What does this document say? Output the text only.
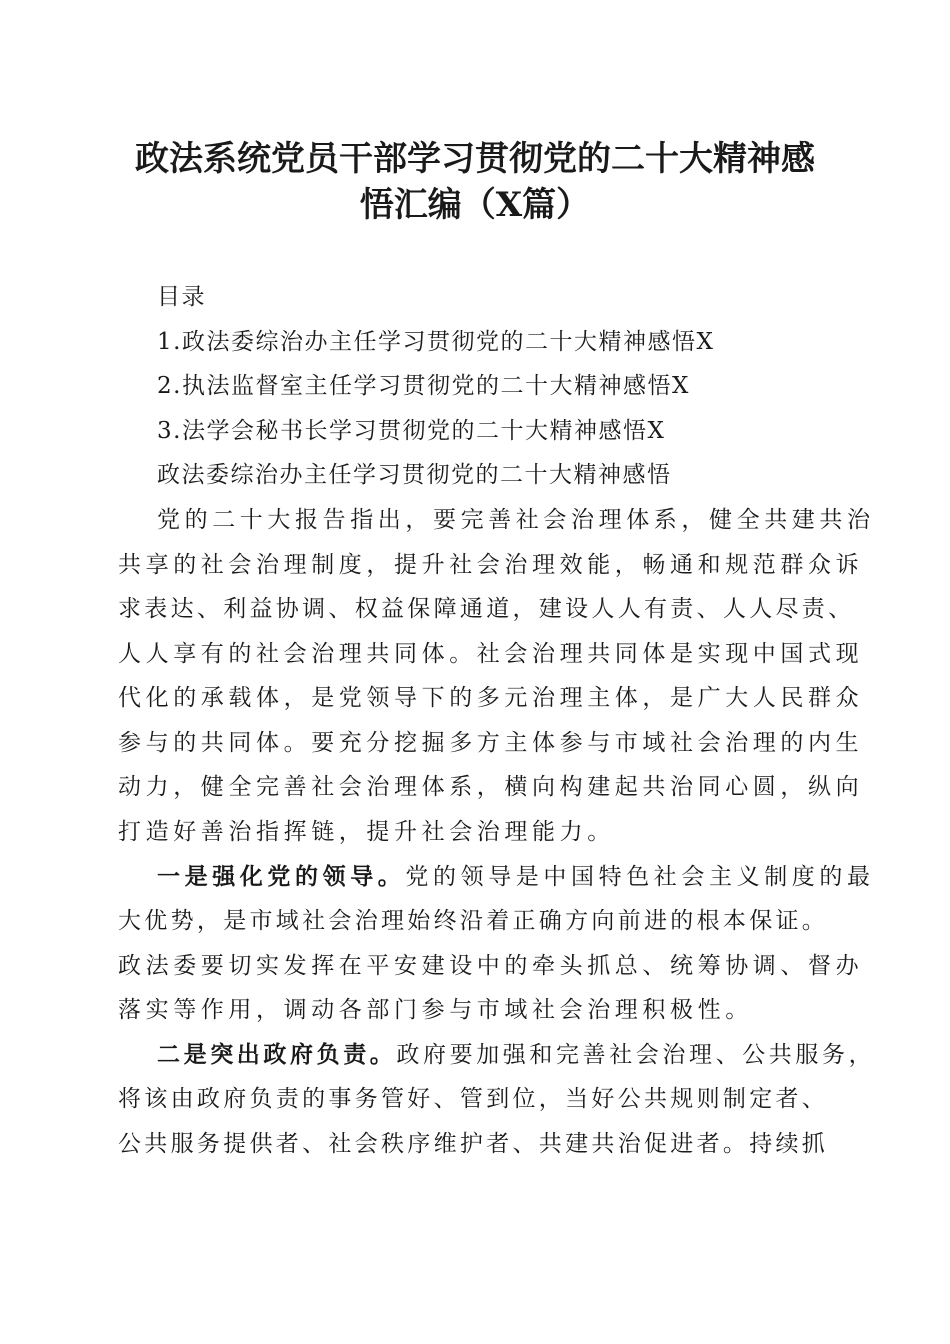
政法系统党员干部学习贯彻党的二十大精神感
悟汇编（X篇）
目录
1.政法委综治办主任学习贯彻党的二十大精神感悟X
2.执法监督室主任学习贯彻党的二十大精神感悟X
3.法学会秘书长学习贯彻党的二十大精神感悟X
政法委综治办主任学习贯彻党的二十大精神感悟
党的二十大报告指出，要完善社会治理体系，健全共建共治
共享的社会治理制度，提升社会治理效能，畅通和规范群众诉
求表达、利益协调、权益保障通道，建设人人有责、人人尽责、
人人享有的社会治理共同体。社会治理共同体是实现中国式现
代化的承载体，是党领导下的多元治理主体，是广大人民群众
参与的共同体。要充分挖掘多方主体参与市域社会治理的内生
动力，健全完善社会治理体系，横向构建起共治同心圆，纵向
打造好善治指挥链，提升社会治理能力。
一是强化党的领导。党的领导是中国特色社会主义制度的最
大优势，是市域社会治理始终沿着正确方向前进的根本保证。
政法委要切实发挥在平安建设中的牵头抓总、统筹协调、督办
落实等作用，调动各部门参与市域社会治理积极性。
二是突出政府负责。政府要加强和完善社会治理、公共服务，
将该由政府负责的事务管好、管到位，当好公共规则制定者、
公共服务提供者、社会秩序维护者、共建共治促进者。持续抓
